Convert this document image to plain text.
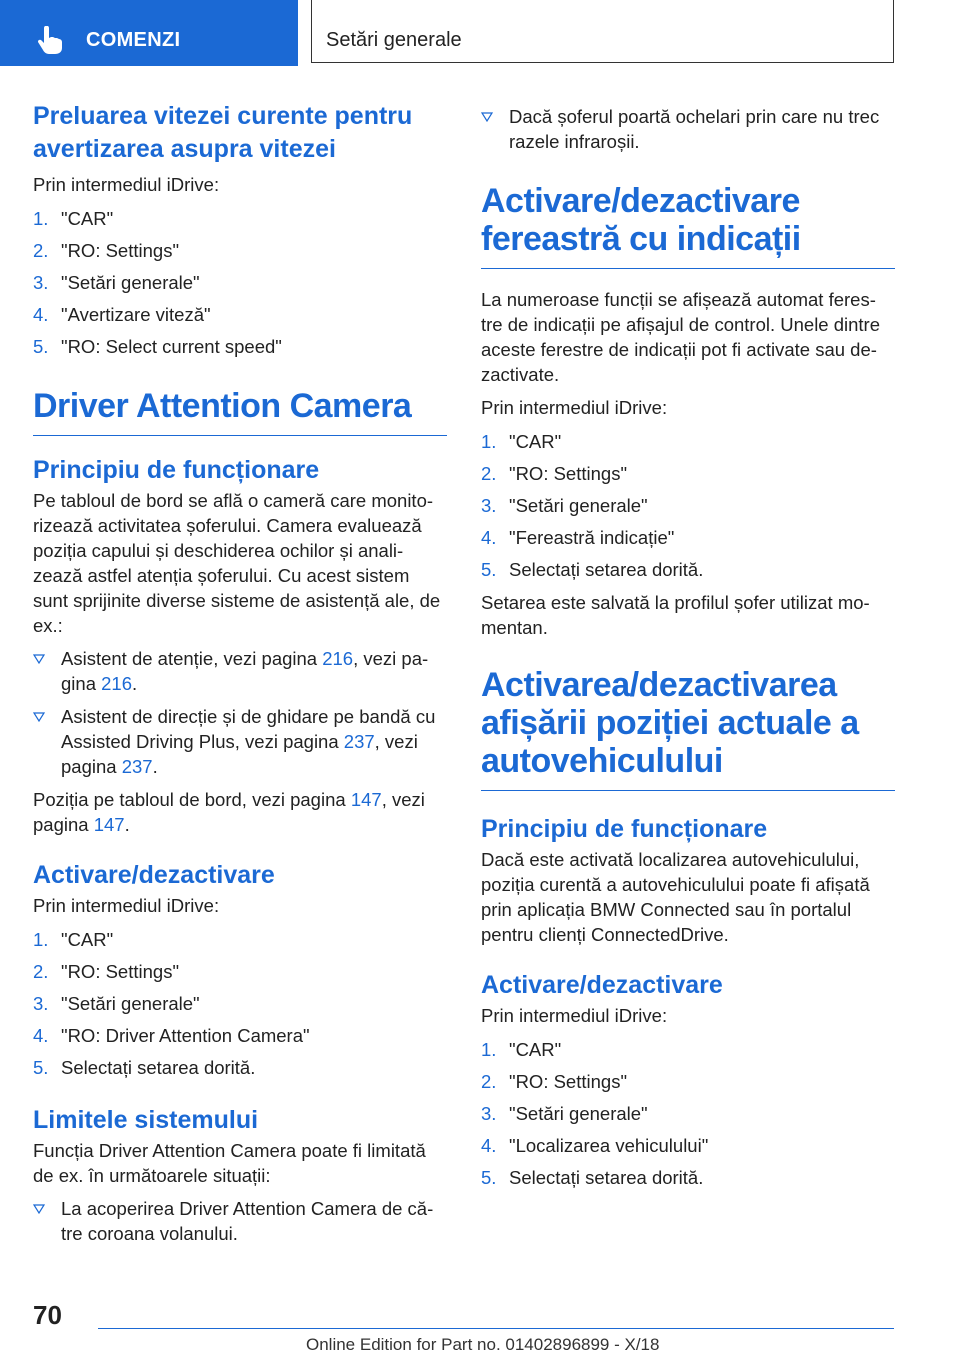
COMENZI	Setări generale
Preluarea vitezei curente pentru avertizarea asupra vitezei

Prin intermediul iDrive:

1. "CAR"
2. "RO: Settings"
3. "Setări generale"
4. "Avertizare viteză"
5. "RO: Select current speed"
Driver Attention Camera
Principiu de funcționare

Pe tabloul de bord se află o cameră care monito-rizează activitatea șoferului. Camera evaluează poziția capului și deschiderea ochilor și anali-zează astfel atenția șoferului. Cu acest sistem sunt sprijinite diverse sisteme de asistență ale, de ex.:

Asistent de atenție, vezi pagina 216, vezi pa-gina 216.
Asistent de direcție și de ghidare pe bandă cu Assisted Driving Plus, vezi pagina 237, vezi pagina 237.

Poziția pe tabloul de bord, vezi pagina 147, vezi pagina 147.

Activare/dezactivare

Prin intermediul iDrive:

1. "CAR"
2. "RO: Settings"
3. "Setări generale"
4. "RO: Driver Attention Camera"
5. Selectați setarea dorită.
Limitele sistemului

Funcția Driver Attention Camera poate fi limitată de ex. în următoarele situații:

La acoperirea Driver Attention Camera de că-tre coroana volanului.
Dacă șoferul poartă ochelari prin care nu trec razele infraroșii.
Activare/dezactivare fereastră cu indicații

La numeroase funcții se afișează automat feres-tre de indicații pe afișajul de control. Unele dintre aceste ferestre de indicații pot fi activate sau de-zactivate.

Prin intermediul iDrive:

1. "CAR"
2. "RO: Settings"
3. "Setări generale"
4. "Fereastră indicație"
5. Selectați setarea dorită.

Setarea este salvată la profilul șofer utilizat mo-mentan.

Activarea/dezactivarea afișării poziției actuale a autovehiculului
Principiu de funcționare

Dacă este activată localizarea autovehiculului, poziția curentă a autovehiculului poate fi afișată prin aplicația BMW Connected sau în portalul pentru clienți ConnectedDrive.

Activare/dezactivare

Prin intermediul iDrive:

1. "CAR"
2. "RO: Settings"
3. "Setări generale"
4. "Localizarea vehiculului"
5. Selectați setarea dorită.
70
Online Edition for Part no. 01402896899 - X/18
